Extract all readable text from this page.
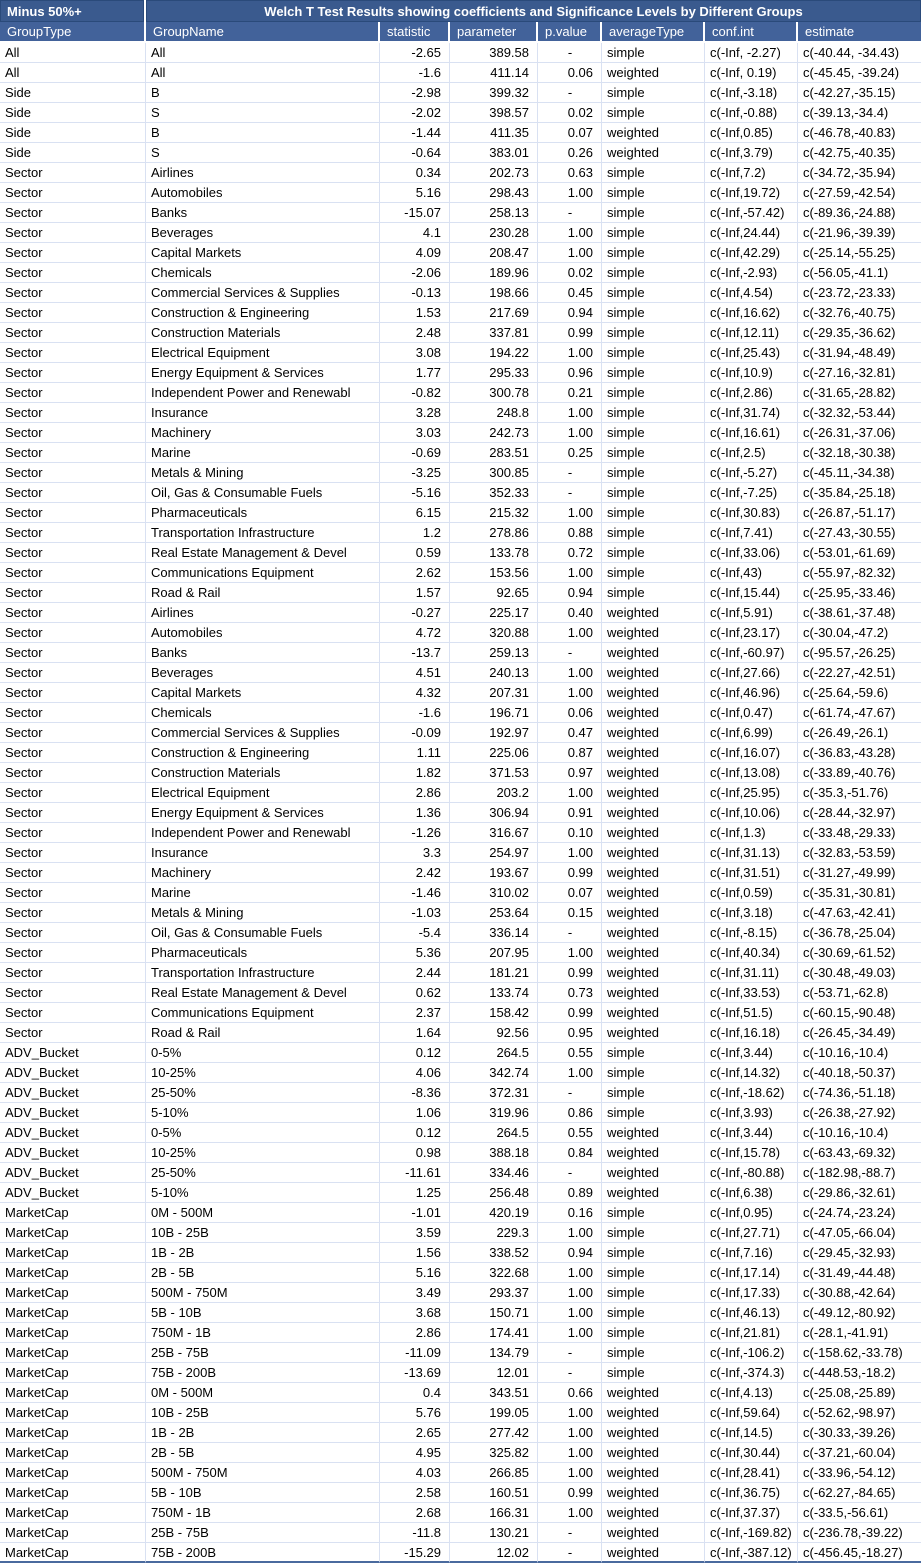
Minus 50%+	Welch T Test Results showing coefficients and Significance Levels by Different Groups						
GroupType	GroupName	statistic	parameter	p.value	averageType	conf.int	estimate
All	All	-2.65	389.58	-	simple	c(-Inf, -2.27)	c(-40.44, -34.43)
All	All	-1.6	411.14	0.06	weighted	c(-Inf, 0.19)	c(-45.45, -39.24)
Side	B	-2.98	399.32	-	simple	c(-Inf,-3.18)	c(-42.27,-35.15)
Side	S	-2.02	398.57	0.02	simple	c(-Inf,-0.88)	c(-39.13,-34.4)
Side	B	-1.44	411.35	0.07	weighted	c(-Inf,0.85)	c(-46.78,-40.83)
Side	S	-0.64	383.01	0.26	weighted	c(-Inf,3.79)	c(-42.75,-40.35)
Sector	Airlines	0.34	202.73	0.63	simple	c(-Inf,7.2)	c(-34.72,-35.94)
Sector	Automobiles	5.16	298.43	1.00	simple	c(-Inf,19.72)	c(-27.59,-42.54)
Sector	Banks	-15.07	258.13	-	simple	c(-Inf,-57.42)	c(-89.36,-24.88)
Sector	Beverages	4.1	230.28	1.00	simple	c(-Inf,24.44)	c(-21.96,-39.39)
Sector	Capital Markets	4.09	208.47	1.00	simple	c(-Inf,42.29)	c(-25.14,-55.25)
Sector	Chemicals	-2.06	189.96	0.02	simple	c(-Inf,-2.93)	c(-56.05,-41.1)
Sector	Commercial Services & Supplies	-0.13	198.66	0.45	simple	c(-Inf,4.54)	c(-23.72,-23.33)
Sector	Construction & Engineering	1.53	217.69	0.94	simple	c(-Inf,16.62)	c(-32.76,-40.75)
Sector	Construction Materials	2.48	337.81	0.99	simple	c(-Inf,12.11)	c(-29.35,-36.62)
Sector	Electrical Equipment	3.08	194.22	1.00	simple	c(-Inf,25.43)	c(-31.94,-48.49)
Sector	Energy Equipment & Services	1.77	295.33	0.96	simple	c(-Inf,10.9)	c(-27.16,-32.81)
Sector	Independent Power and Renewabl	-0.82	300.78	0.21	simple	c(-Inf,2.86)	c(-31.65,-28.82)
Sector	Insurance	3.28	248.8	1.00	simple	c(-Inf,31.74)	c(-32.32,-53.44)
Sector	Machinery	3.03	242.73	1.00	simple	c(-Inf,16.61)	c(-26.31,-37.06)
Sector	Marine	-0.69	283.51	0.25	simple	c(-Inf,2.5)	c(-32.18,-30.38)
Sector	Metals & Mining	-3.25	300.85	-	simple	c(-Inf,-5.27)	c(-45.11,-34.38)
Sector	Oil, Gas & Consumable Fuels	-5.16	352.33	-	simple	c(-Inf,-7.25)	c(-35.84,-25.18)
Sector	Pharmaceuticals	6.15	215.32	1.00	simple	c(-Inf,30.83)	c(-26.87,-51.17)
Sector	Transportation Infrastructure	1.2	278.86	0.88	simple	c(-Inf,7.41)	c(-27.43,-30.55)
Sector	Real Estate Management & Devel	0.59	133.78	0.72	simple	c(-Inf,33.06)	c(-53.01,-61.69)
Sector	Communications Equipment	2.62	153.56	1.00	simple	c(-Inf,43)	c(-55.97,-82.32)
Sector	Road & Rail	1.57	92.65	0.94	simple	c(-Inf,15.44)	c(-25.95,-33.46)
Sector	Airlines	-0.27	225.17	0.40	weighted	c(-Inf,5.91)	c(-38.61,-37.48)
Sector	Automobiles	4.72	320.88	1.00	weighted	c(-Inf,23.17)	c(-30.04,-47.2)
Sector	Banks	-13.7	259.13	-	weighted	c(-Inf,-60.97)	c(-95.57,-26.25)
Sector	Beverages	4.51	240.13	1.00	weighted	c(-Inf,27.66)	c(-22.27,-42.51)
Sector	Capital Markets	4.32	207.31	1.00	weighted	c(-Inf,46.96)	c(-25.64,-59.6)
Sector	Chemicals	-1.6	196.71	0.06	weighted	c(-Inf,0.47)	c(-61.74,-47.67)
Sector	Commercial Services & Supplies	-0.09	192.97	0.47	weighted	c(-Inf,6.99)	c(-26.49,-26.1)
Sector	Construction & Engineering	1.11	225.06	0.87	weighted	c(-Inf,16.07)	c(-36.83,-43.28)
Sector	Construction Materials	1.82	371.53	0.97	weighted	c(-Inf,13.08)	c(-33.89,-40.76)
Sector	Electrical Equipment	2.86	203.2	1.00	weighted	c(-Inf,25.95)	c(-35.3,-51.76)
Sector	Energy Equipment & Services	1.36	306.94	0.91	weighted	c(-Inf,10.06)	c(-28.44,-32.97)
Sector	Independent Power and Renewabl	-1.26	316.67	0.10	weighted	c(-Inf,1.3)	c(-33.48,-29.33)
Sector	Insurance	3.3	254.97	1.00	weighted	c(-Inf,31.13)	c(-32.83,-53.59)
Sector	Machinery	2.42	193.67	0.99	weighted	c(-Inf,31.51)	c(-31.27,-49.99)
Sector	Marine	-1.46	310.02	0.07	weighted	c(-Inf,0.59)	c(-35.31,-30.81)
Sector	Metals & Mining	-1.03	253.64	0.15	weighted	c(-Inf,3.18)	c(-47.63,-42.41)
Sector	Oil, Gas & Consumable Fuels	-5.4	336.14	-	weighted	c(-Inf,-8.15)	c(-36.78,-25.04)
Sector	Pharmaceuticals	5.36	207.95	1.00	weighted	c(-Inf,40.34)	c(-30.69,-61.52)
Sector	Transportation Infrastructure	2.44	181.21	0.99	weighted	c(-Inf,31.11)	c(-30.48,-49.03)
Sector	Real Estate Management & Devel	0.62	133.74	0.73	weighted	c(-Inf,33.53)	c(-53.71,-62.8)
Sector	Communications Equipment	2.37	158.42	0.99	weighted	c(-Inf,51.5)	c(-60.15,-90.48)
Sector	Road & Rail	1.64	92.56	0.95	weighted	c(-Inf,16.18)	c(-26.45,-34.49)
ADV_Bucket	0-5%	0.12	264.5	0.55	simple	c(-Inf,3.44)	c(-10.16,-10.4)
ADV_Bucket	10-25%	4.06	342.74	1.00	simple	c(-Inf,14.32)	c(-40.18,-50.37)
ADV_Bucket	25-50%	-8.36	372.31	-	simple	c(-Inf,-18.62)	c(-74.36,-51.18)
ADV_Bucket	5-10%	1.06	319.96	0.86	simple	c(-Inf,3.93)	c(-26.38,-27.92)
ADV_Bucket	0-5%	0.12	264.5	0.55	weighted	c(-Inf,3.44)	c(-10.16,-10.4)
ADV_Bucket	10-25%	0.98	388.18	0.84	weighted	c(-Inf,15.78)	c(-63.43,-69.32)
ADV_Bucket	25-50%	-11.61	334.46	-	weighted	c(-Inf,-80.88)	c(-182.98,-88.7)
ADV_Bucket	5-10%	1.25	256.48	0.89	weighted	c(-Inf,6.38)	c(-29.86,-32.61)
MarketCap	0M - 500M	-1.01	420.19	0.16	simple	c(-Inf,0.95)	c(-24.74,-23.24)
MarketCap	10B - 25B	3.59	229.3	1.00	simple	c(-Inf,27.71)	c(-47.05,-66.04)
MarketCap	1B - 2B	1.56	338.52	0.94	simple	c(-Inf,7.16)	c(-29.45,-32.93)
MarketCap	2B - 5B	5.16	322.68	1.00	simple	c(-Inf,17.14)	c(-31.49,-44.48)
MarketCap	500M - 750M	3.49	293.37	1.00	simple	c(-Inf,17.33)	c(-30.88,-42.64)
MarketCap	5B - 10B	3.68	150.71	1.00	simple	c(-Inf,46.13)	c(-49.12,-80.92)
MarketCap	750M - 1B	2.86	174.41	1.00	simple	c(-Inf,21.81)	c(-28.1,-41.91)
MarketCap	25B - 75B	-11.09	134.79	-	simple	c(-Inf,-106.2)	c(-158.62,-33.78)
MarketCap	75B - 200B	-13.69	12.01	-	simple	c(-Inf,-374.3)	c(-448.53,-18.2)
MarketCap	0M - 500M	0.4	343.51	0.66	weighted	c(-Inf,4.13)	c(-25.08,-25.89)
MarketCap	10B - 25B	5.76	199.05	1.00	weighted	c(-Inf,59.64)	c(-52.62,-98.97)
MarketCap	1B - 2B	2.65	277.42	1.00	weighted	c(-Inf,14.5)	c(-30.33,-39.26)
MarketCap	2B - 5B	4.95	325.82	1.00	weighted	c(-Inf,30.44)	c(-37.21,-60.04)
MarketCap	500M - 750M	4.03	266.85	1.00	weighted	c(-Inf,28.41)	c(-33.96,-54.12)
MarketCap	5B - 10B	2.58	160.51	0.99	weighted	c(-Inf,36.75)	c(-62.27,-84.65)
MarketCap	750M - 1B	2.68	166.31	1.00	weighted	c(-Inf,37.37)	c(-33.5,-56.61)
MarketCap	25B - 75B	-11.8	130.21	-	weighted	c(-Inf,-169.82)	c(-236.78,-39.22)
MarketCap	75B - 200B	-15.29	12.02	-	weighted	c(-Inf,-387.12)	c(-456.45,-18.27)
